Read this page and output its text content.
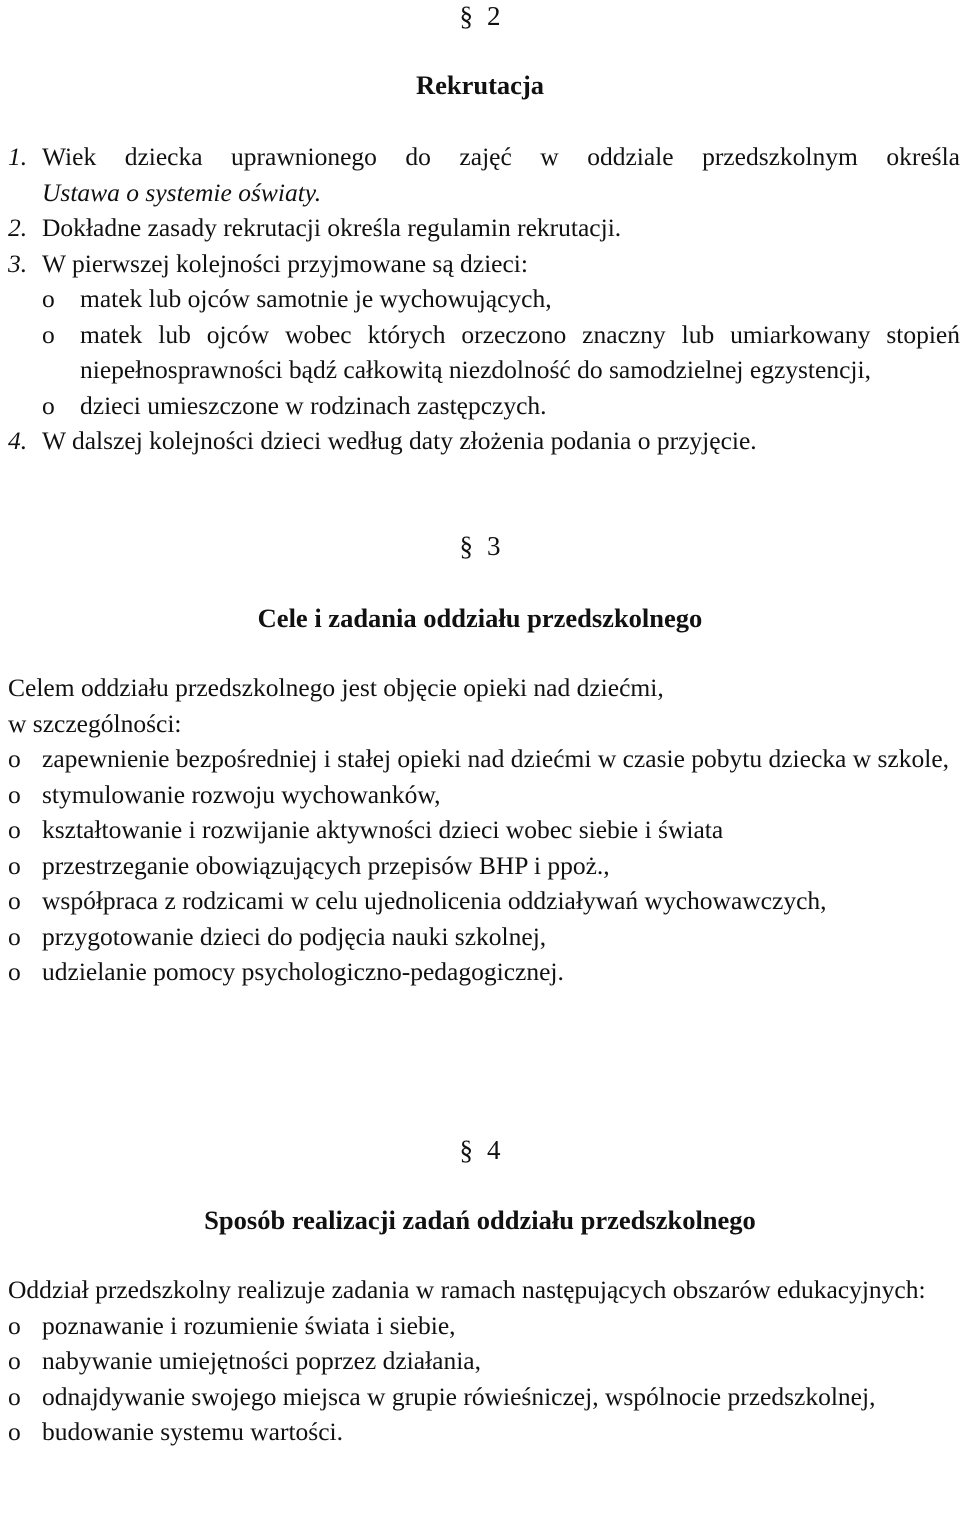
§ 2
Rekrutacja
1. Wiek dziecka uprawnionego do zajęć w oddziale przedszkolnym określa
Ustawa o systemie oświaty.
2. Dokładne zasady rekrutacji określa regulamin rekrutacji.
3. W pierwszej kolejności przyjmowane są dzieci:
o matek lub ojców samotnie je wychowujących,
o matek lub ojców wobec których orzeczono znaczny lub umiarkowany stopień niepełnosprawności bądź całkowitą niezdolność do samodzielnej egzystencji,
o dzieci umieszczone w rodzinach zastępczych.
4. W dalszej kolejności dzieci według daty złożenia podania o przyjęcie.
§ 3
Cele i zadania oddziału przedszkolnego
Celem oddziału przedszkolnego jest objęcie opieki nad dziećmi,
w szczególności:
o zapewnienie bezpośredniej i stałej opieki nad dziećmi w czasie pobytu dziecka w szkole,
o stymulowanie rozwoju wychowanków,
o kształtowanie i rozwijanie aktywności dzieci wobec siebie i świata
o przestrzeganie obowiązujących przepisów BHP i ppoż.,
o współpraca z rodzicami w celu ujednolicenia oddziaływań wychowawczych,
o przygotowanie dzieci do podjęcia nauki szkolnej,
o udzielanie pomocy psychologiczno-pedagogicznej.
§ 4
Sposób realizacji zadań oddziału przedszkolnego
Oddział przedszkolny realizuje zadania w ramach następujących obszarów edukacyjnych:
o poznawanie i rozumienie świata i siebie,
o nabywanie umiejętności poprzez działania,
o odnajdywanie swojego miejsca w grupie rówieśniczej, wspólnocie przedszkolnej,
o budowanie systemu wartości.
